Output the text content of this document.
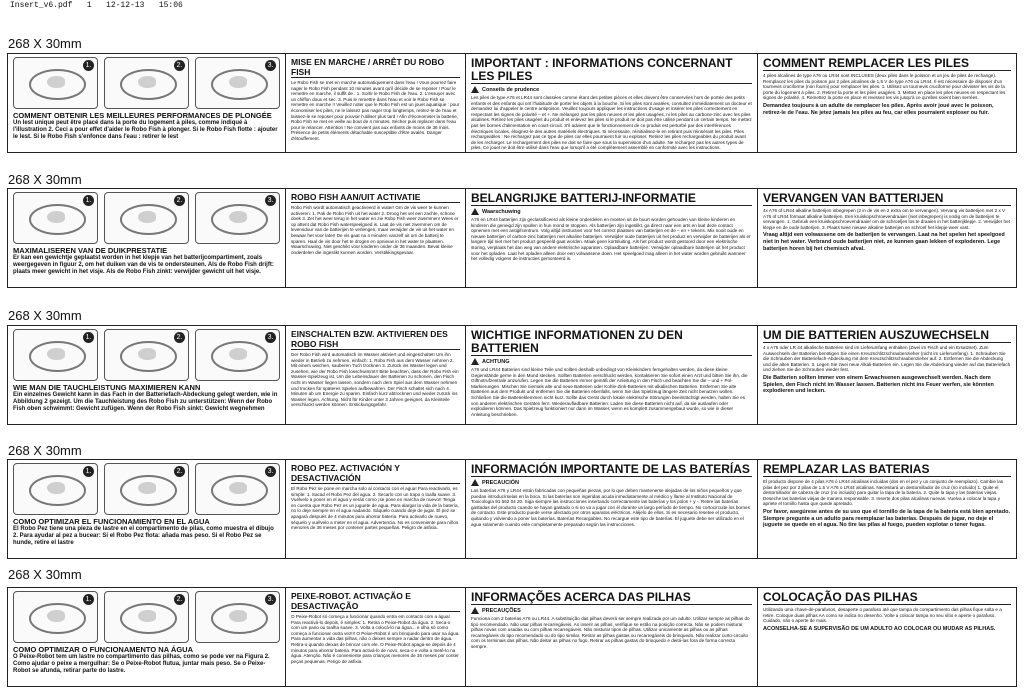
Insert_v6.pdf   1   12-12-13   15:06
268 X 30mm
1.	2.	3.
COMMENT OBTENIR LES MEILLEURES PERFORMANCES DE PLONGÉE
Un lest unique peut être placé dans la porte du logement à piles, comme indiqué à l'illustration 2. Ceci a pour effet d'aider le Robo Fish à plonger. Si le Robo Fish flotte : ajouter le lest. Si le Robo Fish s'enfonce dans l'eau : retirer le lest
MISE EN MARCHE / ARRÊT DU ROBO FISH
Le Robo Fish se met en marche automatiquement dans l'eau ! Vous pourrez faire nager le Robo Fish pendant 10 minutes avant qu'il décide de se reposer ! Pour le remettre en marche, il suffit de : 1. Sortir le Robo Fish de l'eau. 2. L'essuyer avec un chiffon doux et sec. 3. Puis le remettre dans l'eau et voir le Robo Fish se remettre en marche !! Veuillez noter que le Robo Fish est un jouet aquatique : pour économiser les piles, ne le laissez pas nager trop longtemps, retirez-le de l'eau et laissez-le se reposer pour pouvoir l'utiliser plus tard ! Afin d'économiser la batterie, Robo Fish se met en veille au bout de 4 minutes. Sécher puis replacer dans l'eau pour le relancer. Attention ! Ne convient pas aux enfants de moins de 36 mois. Présence de petits éléments détachable susceptible d'être avalés. Danger d'étouffement.
IMPORTANT : INFORMATIONS CONCERNANT LES PILES
Conseils de prudence
Les piles de type A76 et LR44 sont classées comme étant des petites pièces et elles doivent être conservées hors de portée des petits enfants et des enfants qui ont l'habitude de porter les objets à la bouche. Si les piles sont avalées, consultez immédiatement un docteur et demandez lui d'appeler le centre antipoison. Veuillez toujours appliquer les instructions d'usage et insérer les piles correctement en respectant les signes de polarité – et +. Ne mélangez pas les piles neuves et les piles usagées, ni les piles au carbone-zinc avec les piles alcalines. Retirez les piles usagées du produit et enlevez les piles si le produit ne doit pas être utilisé pendant un certain temps. Ne mettez pas les bornes d'alimentation en court-circuit. S'il advient que le fonctionnement de ce produit est perturbé par des interférences électriques locales, éloignez-le des autres matériels électriques. Si nécessaire, réinitialisez-le en retirant puis réinsérant les piles. Piles rechargeables : Ne rechargez pas ce type de piles car elles pourraient fuir ou exploser. Retirez les piles rechargeables du produit avant de les recharger. Le rechargement des piles ne doit se faire que sous la supervision d'un adulte. Ne rechargez pas les autres types de piles. Ce jouet ne doit être utilisé dans l'eau que lorsqu'il a été complètement assemblé en conformité avec les instructions.
COMMENT REMPLACER LES PILES
4 piles alcalines de type A76 ou LR44 sont INCLUSES (deux piles dans le poisson et un jeu de piles de rechange). Remplacez les piles du poisson par 2 piles alcalines de 1,5 V de type A76 ou LR44. Il est nécessaire de disposer d'un tournevis cruciforme (non fourni) pour remplacer les piles. 1. Utilisez un tournevis cruciforme pour dévisser les vis de la porte du logement à piles. 2. Retirez la porte et les piles usagées. 3. Mettez en place les piles neuves en respectant les signes de polarité. 4. Remettez la porte en place et revissez les vis jusqu'à ce qu'elles soient bien serrées.
Demandez toujours à un adulte de remplacer les piles. Après avoir joué avec le poisson, retirez-le de l'eau. Ne jetez jamais les piles au feu, car elles pourraient exploser ou fuir.
268 X 30mm
1.	2.	3.
MAXIMALISEREN VAN DE DUIKPRESTATIE
Er kan een gewichtje geplaatst worden in het klepje van het batterijcompartiment, zoals weergegeven in figuur 2, om het duiken van de vis te ondersteunen. Als de Robo Fish drijft: plaats meer gewicht in het visje. Als de Robo Fish zinkt: verwijder gewicht uit het visje.
ROBO FISH AAN/UIT ACTIVATIE
Robo Fish wordt automatisch geactiveerd in water! Om de vis weer te kunnen activeren: 1. Pak de Robo Fish uit het water 2. Droog het vel een zachte, schone doek 3. Zet het weer terug in het water en zie Robo Fish weer zwemmen! Wees er op attent dat Robo Fish waterspeelgoed is. Laat de vis niet zwemmen om de levensduur van de batterijen te verlengen, maar verwijder de vis uit het water en bewaar het voor later! De vis gaat na 4 minuten vanzelf uit om de batterij te sparen. Haal de vis door het te drogen en opnieuw in het water te plaatsen. Waarschuwing. Niet geschikt voor kinderen onder de 36 maanden. Bevat kleine onderdelen die ingeslikt kunnen worden. Verstikkingsgevaar.
BELANGRIJKE BATTERIJ-INFORMATIE
Waarschuwing
A76 en LR44 batterijen zijn geclassificeerd als kleine onderdelen en moeten uit de buurt worden gehouden van kleine kinderen en kinderen die geneigd zijn spullen in hun mond te stoppen. Als batterijen zijn ingeslikt, ga direct naar een arts en laat deze contact opnemen met een antigifcentrum. Volg altijd instructies voor het correct plaatsen van batterijen en de – en + tekens. Mix nooit oude en nieuwe batterijen of carbon-zinc batterijen met alkaline batterijen. Verwijder oude batterijen uit het product en verwijder de batterijen als er langere tijd niet met het product gespeeld gaat worden. Maak geen kortsluiting. Als het product wordt gestoord door een elektrische storing, verplaats het dan weg van andere elektrische apparaten. Oplaadbare batterijen: Verwijder oplaadbare batterijen uit het product voor het opladen. Laat het opladen alleen door een volwassene doen. Het speelgoed mag alleen in het water worden gebruikt wanneer het volledig volgens de instructies gemonteerd is.
VERVANGEN VAN BATTERIJEN
4x A76 of LR44 alkaline batterijen inbegrepen (2 in de vis en 2 extra om te vervangen). Vervang vis batterijen met 2 x V A76 of LR44 formaat alkaline batterijen. Een kruiskopschroevendraaier (niet inbegrepen) is nodig om de batterijen te vervangen. 1. Gebruik een kruiskopschroevendraaier om de schroefjes los te draaien in het batterijklepje. 2. Verwijder het klepje en de oude batterijen. 3. Plaats twee nieuwe alkaline batterijen en schroef het klepje weer vast.
Vraag altijd een volwassene om de batterijen te vervangen. Laat na het spelen het speelgoed niet in het water. Verbrand oude batterijen niet, ze kunnen gaan lekken of exploderen. Lege batterijen horen bij het chemisch afval.
268 X 30mm
1.	2.	3.
WIE MAN DIE TAUCHLEISTUNG MAXIMIEREN KANN
Ein einzelnes Gewicht kann in das Fach in der Batteriefach-Abdeckung gelegt werden, wie in Abbildung 2 gezeigt. Um die Tauchleistung des Robo Fish zu unterstützen: Wenn der Robo Fish oben schwimmt: Gewicht zufügen. Wenn der Robo Fish sinkt: Gewicht wegnehmen
EINSCHALTEN BZW. AKTIVIEREN DES ROBO FISH
Der Robo Fish wird automatisch im Wasser aktiviert und eingeschaltet! Um ihn wieder in Betrieb zu nehmen, einfach: 1. Robo Fish aus dem Wasser nehmen 2. Mit einem weichen, sauberen Tuch trocknen 3. Zurück ins Wasser legen und zusehen, wie der Robo Fish losschwimmt!! Bitte beachten, dass der Robo Fish ein Wasser-Spielzeug ist. Um die Lebensdauer der Batterien zu schonen, den Fisch nicht im Wasser liegen lassen, sondern nach dem Spiel aus dem Wasser nehmen und trocken für späteres Spielen aufbewahren. Der Fisch schaltet sich nach 4 Minuten ab um Energie zu sparen. Einfach kurz abtrocknen und wieder zurück ins Wasser legen. Achtung. Nicht für Kinder unter 3 Jahren geeignet, da Kleinteile verschluckt werden können. Erstickungsgefahr.
WICHTIGE INFORMATIONEN ZU DEN BATTERIEN
ACHTUNG
A76 und LR44 Batterien sind kleine Teile und sollten deshalb unbedingt von Kleinkindern ferngehalten werden, da diese kleine Gegenstände gerne in den Mund stecken. Sollten Batterien verschluckt werden, kontaktieren Sie sofort einen Arzt und bitten Sie ihn, die Giftnotrufzentrale anzurufen. Legen Sie die Batterien immer gemäß der Anleitung in den Fisch und beachten Sie die – und + Pol-Markierungen. Mischen Sie niemals alte und neue Batterien oder Kohle-Zink-Batterien mit alkalischen Batterien. Entfernen Sie alte Batterien aus dem Produkt und entfernen Sie die Batterien ebenfalls, wenn Sie das Spielzeug längere Zeit nicht benutzen wollen. Schließen Sie die Batterieklemmen nicht kurz. Sollte das Gerät durch lokale elektrische Störungen beeinträchtigt werden, halten Sie es von anderen elektrischen Geräten fern. Wiederaufladbare Batterien: Laden Sie diese Batterien nicht auf, da sie auslaufen oder explodieren können. Das Spielzeug funktioniert nur dann im Wasser, wenn es komplett zusammengebaut wurde, so wie in dieser Anleitung beschrieben.
UM DIE BATTERIEN AUSZUWECHSELN
4 x A76 oder LR 44 alkalische Batterien sind im Lieferumfang enthalten (Zwei im Fisch und ein Ersatzset). Zum Auswechseln der Batterien benötigen Sie einen Kreuzschlitzschraubenzieher (nicht im Lieferumfang). 1. Schrauben Sie die Schrauben der Batteriefach-Abdeckung mit dem Kreuzschlitzschraubenzieher auf. 2. Entfernen Sie die Abdeckung und die alten Batterien. 3. Legen Sie zwei neue Alkali-Batterien ein. Legen Sie die Abdeckung wieder auf das Batteriefach und ziehen Sie die Schrauben wieder fest.
Die Batterien sollten immer von einem Erwachsenen ausgewechselt werden. Nach dem Spielen, den Fisch nicht im Wasser lassen. Batterien nicht ins Feuer werfen, sie könnten explodieren und lecken.
268 X 30mm
1.	2.	3.
COMO OPTIMIZAR EL FUNCIONAMIENTO EN EL AGUA
El Robo Pez tiene una pieza de lastre en el compartimento de pilas, como muestra el dibujo 2. Para ayudar al pez a bucear: Si el Robo Pez flota: añada mas peso. Si el Robo Pez se hunde, retire el lastre
ROBO PEZ. ACTIVACIÓN Y DESACTIVACIÓN
El Robo Pez se pone en marcha solo al contacto con el agua! Para reactivarlo, es simple: 1. Sacad el Robo Pez del agua. 2. Secarlo con un trapo o toalla suave. 3. Vuélvelo a poner en el agua y verás como ¡se pone en marcha de nuevo!! Tenga en cuenta que Robo Pez es un juguete de agua. Para alargar la vida de la batería, no lo deje siempre en el agua nadando. Sáquelo cuando deje de jugar. El pez se apagará después de 4 minutos para ahorrar batería. Para activarlo de nuevo, séquelo y vuélvelo a meter en el agua. Advertencia. No es conveniente para niños menores de 36 meses por contener partes pequeñas. Peligro de asfixia.
INFORMACIÓN IMPORTANTE DE LAS BATERÍAS
PRECAUCIÓN
Las baterías A76 y LR44 están fabricadas con pequeñas piezas, por lo que deben mantenerse alejadas de los niños pequeños y que puedan introducírselas en la boca. Si las baterías son ingeridas acuda inmediatamente al médico y llame al Instituto Nacional de Toxicología 91 562 04 20. Siga siempre las instrucciones insertando correctamente las baterías y los polos + y -. Retire las baterías gastadas del producto cuando se hayan gastado o si no va a jugar con él durante un largo período de tiempo. No cortocircuite los bornes de contacto. Este producto puede verse afectado por otros aparatos eléctricos. Aléjelo de ellos. Si es necesario resetee el producto, quitando y volviendo a poner las baterías. Baterías Recargables. No recargue este tipo de baterías. El juguete debe ser utilizado en el agua solamente cuando este completamente preparado según las instrucciones.
REMPLAZAR LAS BATERIAS
El producto dispone de 4 pilas A76 ó LR44 alcalinas incluidas (dos en el pez y un conjunto de reemplazo). Cambie las pilas del pez por 2 pilas de 1.5 V A76 o LR44 alcalinas. Necesitará un destornillador de cruz (no incluido) 1. Quite el destornillador de cabeza de cruz (no incluido) para quitar la tapa de la batería. 2. Quite la tapa y las baterías viejas. Deseche las baterías viejas de manera responsable. 3. Inserte dos pilas alcalinas nuevas. Vuelva a colocar la tapa y apriete el tornillo hasta que quede apretado.
Por favor, asegúrese antes de su uso que el tornillo de la tapa de la batería está bien apretado. Siempre pregunte a un adulto para reemplazar las baterías. Después de jugar, no deje el juguete se quede en el agua. No tire las pilas al fuego, pueden explotar o tener fugas.
268 X 30mm
1.	2.	3.
COMO OPTIMIZAR O FUNCIONAMENTO NA ÁGUA
O Peixe-Robot tem um lastre no compartimento das pilhas, como se pode ver na Figura 2. Como ajudar o peixe a mergulhar: Se o Peixe-Robot flutua, juntar mais peso. Se o Peixe-Robot se afunda, retirar parte do lastre.
PEIXE-ROBOT. ACTIVAÇÃO E DESACTIVAÇÃO
O Peixe-Robot só começa a funcionar quando entra em contacto com a água! Para reactivá-lo depois, é simples: 1. Retira o Peixe-Robot da água. 2. Seca-o com um pano ou toalha suave. 3. Volta a colocá-lo na água... e olha só como começa a funcionar outra vez!!! O Peixe-Robot é um brinquedo para usar na água. Para aumentar a vida das pilhas, não o deixes sempre a nadar dentro de água. Retira-o quando deixas de brincar com ele. O Peixe-Robot apaga-se depois de 4 minutos para ahorrar bateria. Para activá-lo de novo, seca-o e volta a metê-lo na água. Atenção. Não é conveniente para crianças menores de 36 meses por conter peças pequenas. Perigo de asfixia.
INFORMAÇÕES ACERCA DAS PILHAS
PRECAUÇÕES
Funciona com 2 baterias A76 ou LR44. A substituição das pilhas deverá ser sempre realizada por um adulto. Utilizar sempre as pilhas do tipo recomendado. Não usar pilhas recarregáveis. Ao inserir as pilhas, verifique se estão na posição correcta. Não se podem misturar pilhas novas com usadas ou com pilhas recarregáveis. Não misturar tipos de pilhas. Utilizar unicamente as pilhas ou as pilhas recarregáveis do tipo recomendado ou do tipo similar. Retirar as pilhas gastas ou recarregáveis do brinquedo. Não realizar curto-circuito com os terminais das pilhas. Não deitar as pilhas no fogo. Retirar as pilhas gastas do brinquedo e deitá-las fora de forma correcta sempre.
COLOCAÇÃO DAS PILHAS
Utilizando uma chave-de-parafusos, desaperte o parafuso até que tampa do compartimento das pilhas fique solta e a retire. Coloque duas pilhas AA como se indica no desenho. Volte a colocar tampa no seu sítio e aperte o parafuso. Cuidado, não o aperte de mais.
ACONSELHA-SE A SUPERVISÃO DE UM ADULTO AO COLOCAR OU MUDAR AS PILHAS.
